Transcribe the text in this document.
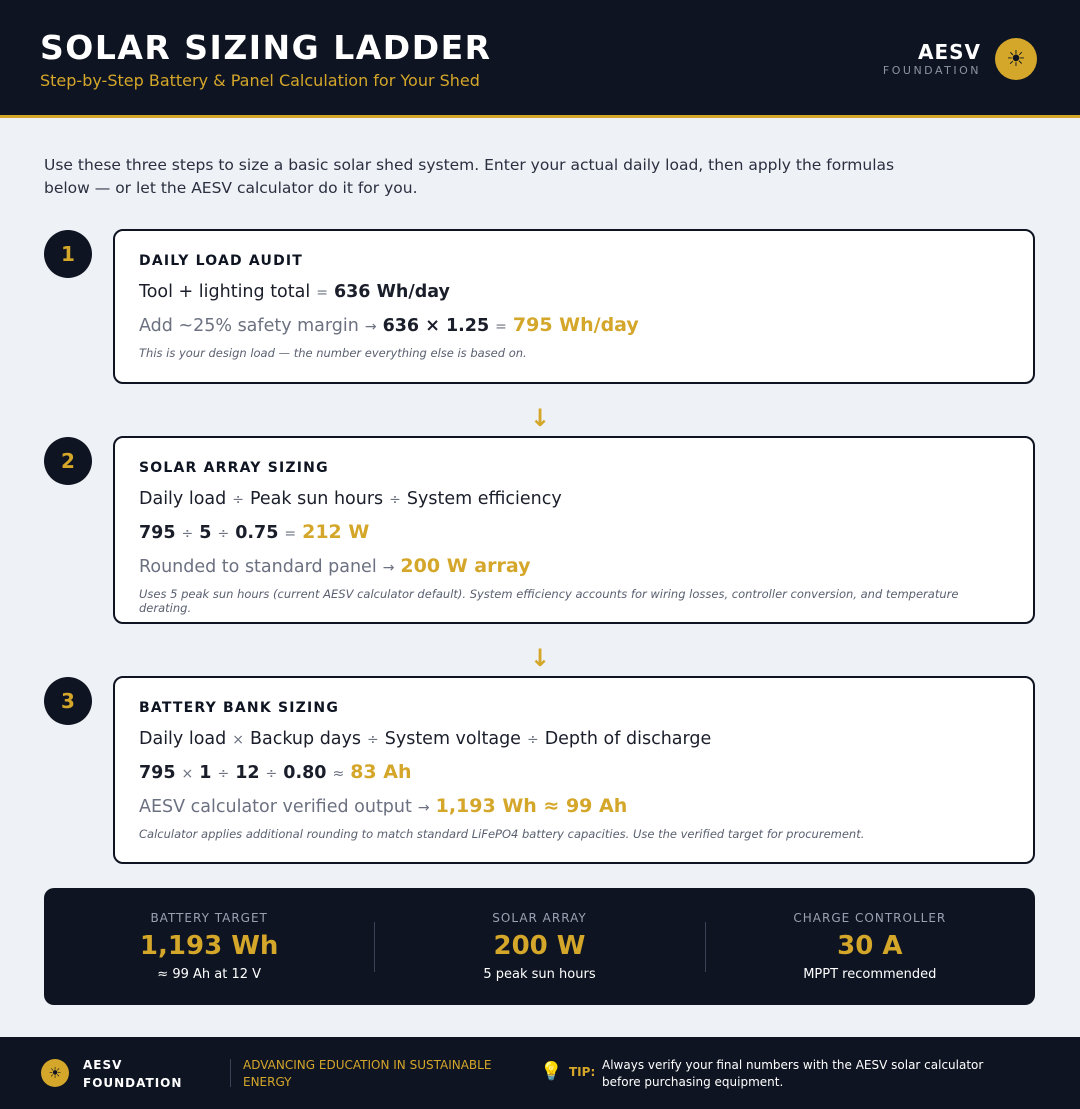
SOLAR SIZING LADDER
Step-by-Step Battery & Panel Calculation for Your Shed
AESV
FOUNDATION	☀

Use these three steps to size a basic solar shed system. Enter your actual daily load, then apply the formulas below — or let the AESV calculator do it for you.

1	DAILY LOAD AUDIT
Tool + lighting total = 636 Wh/day
Add ~25% safety margin → 636 × 1.25 = 795 Wh/day
This is your design load — the number everything else is based on.
↓
2	SOLAR ARRAY SIZING
Daily load ÷ Peak sun hours ÷ System efficiency
795 ÷ 5 ÷ 0.75 = 212 W
Rounded to standard panel → 200 W array
Uses 5 peak sun hours (current AESV calculator default). System efficiency accounts for wiring losses, controller conversion, and temperature derating.
↓
3	BATTERY BANK SIZING
Daily load × Backup days ÷ System voltage ÷ Depth of discharge
795 × 1 ÷ 12 ÷ 0.80 ≈ 83 Ah
AESV calculator verified output → 1,193 Wh ≈ 99 Ah
Calculator applies additional rounding to match standard LiFePO4 battery capacities. Use the verified target for procurement.
BATTERY TARGET
1,193 Wh
≈ 99 Ah at 12 V
SOLAR ARRAY
200 W
5 peak sun hours
CHARGE CONTROLLER
30 A
MPPT recommended
☀	AESV
FOUNDATION
ADVANCING EDUCATION IN SUSTAINABLE ENERGY	💡 TIP: Always verify your final numbers with the AESV solar calculator before purchasing equipment.
